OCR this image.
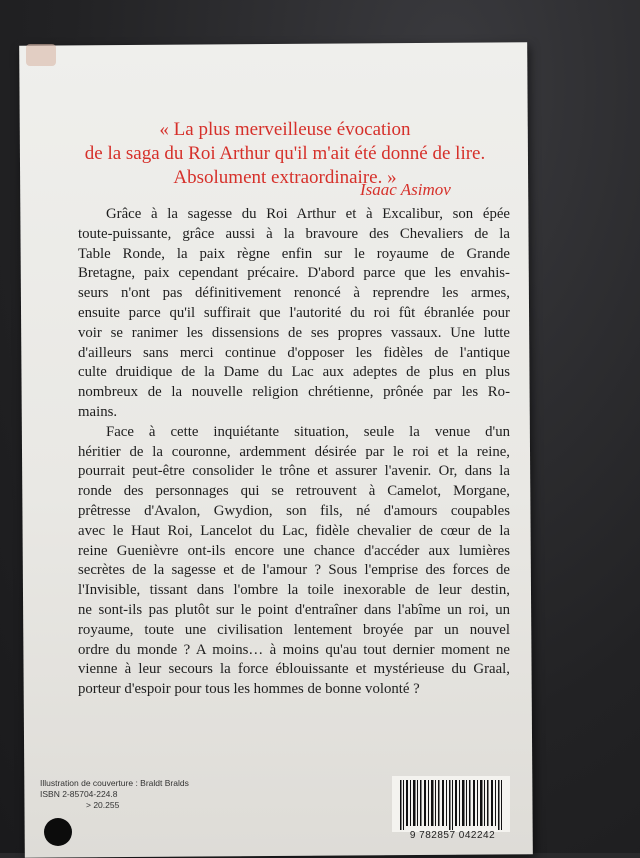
« La plus merveilleuse évocation
de la saga du Roi Arthur qu'il m'ait été donné de lire.
Absolument extraordinaire. »
Isaac Asimov
Grâce à la sagesse du Roi Arthur et à Excalibur, son épée
toute-puissante, grâce aussi à la bravoure des Chevaliers de la
Table Ronde, la paix règne enfin sur le royaume de Grande
Bretagne, paix cependant précaire. D'abord parce que les envahis-
seurs n'ont pas définitivement renoncé à reprendre les armes,
ensuite parce qu'il suffirait que l'autorité du roi fût ébranlée pour
voir se ranimer les dissensions de ses propres vassaux. Une lutte
d'ailleurs sans merci continue d'opposer les fidèles de l'antique
culte druidique de la Dame du Lac aux adeptes de plus en plus
nombreux de la nouvelle religion chrétienne, prônée par les Ro-
mains.
Face à cette inquiétante situation, seule la venue d'un
héritier de la couronne, ardemment désirée par le roi et la reine,
pourrait peut-être consolider le trône et assurer l'avenir. Or, dans la
ronde des personnages qui se retrouvent à Camelot, Morgane,
prêtresse d'Avalon, Gwydion, son fils, né d'amours coupables
avec le Haut Roi, Lancelot du Lac, fidèle chevalier de cœur de la
reine Guenièvre ont-ils encore une chance d'accéder aux lumières
secrètes de la sagesse et de l'amour ? Sous l'emprise des forces de
l'Invisible, tissant dans l'ombre la toile inexorable de leur destin,
ne sont-ils pas plutôt sur le point d'entraîner dans l'abîme un roi, un
royaume, toute une civilisation lentement broyée par un nouvel
ordre du monde ? A moins… à moins qu'au tout dernier moment ne
vienne à leur secours la force éblouissante et mystérieuse du Graal,
porteur d'espoir pour tous les hommes de bonne volonté ?
Illustration de couverture : Braldt Bralds
ISBN 2-85704-224.8
> 20.255
9 782857 042242
